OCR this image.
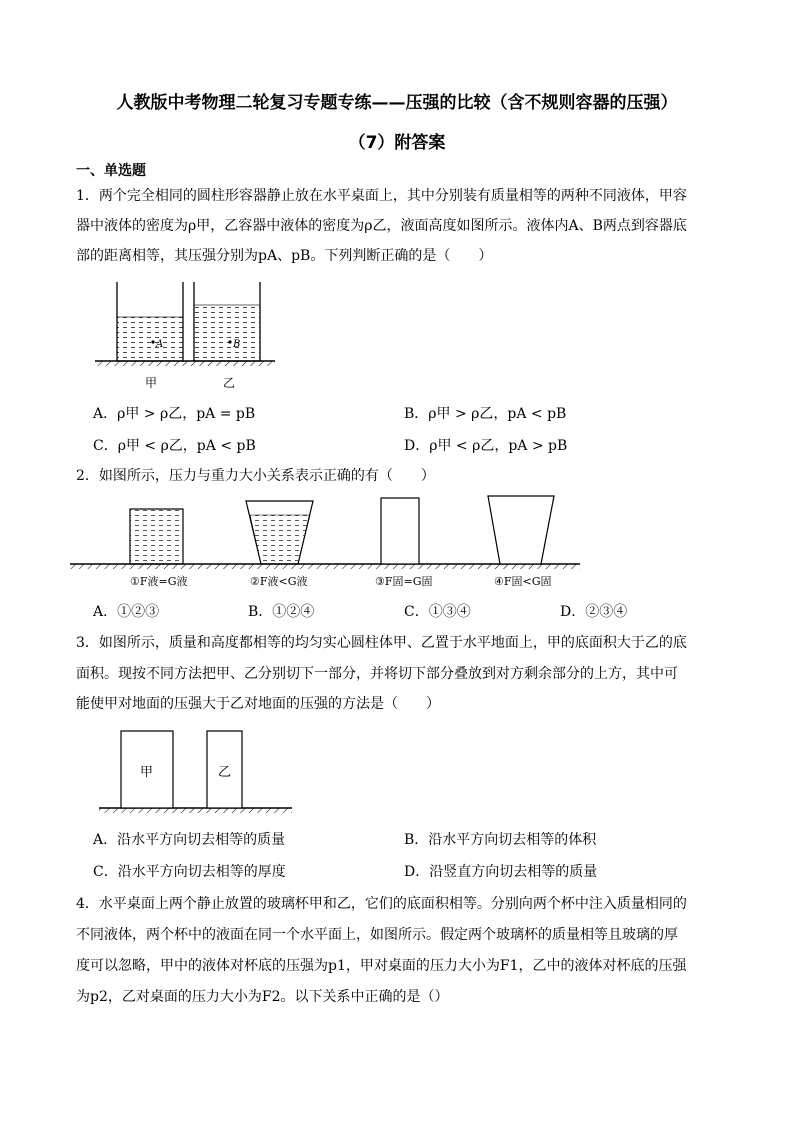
人教版中考物理二轮复习专题专练——压强的比较（含不规则容器的压强）
（7）附答案
一、单选题
1．两个完全相同的圆柱形容器静止放在水平桌面上，其中分别装有质量相等的两种不同液体，甲容
器中液体的密度为ρ甲，乙容器中液体的密度为ρ乙，液面高度如图所示。液体内A、B两点到容器底
部的距离相等，其压强分别为pA、pB。下列判断正确的是（　　）
A	B
甲	乙
A．ρ甲 > ρ乙，pA = pB	B．ρ甲 > ρ乙，pA < pB
C．ρ甲 < ρ乙，pA < pB	D．ρ甲 < ρ乙，pA > pB
2．如图所示，压力与重力大小关系表示正确的有（　　）
①F液=G液	②F液<G液	③F固=G固	④F固<G固
A．①②③	B．①②④	C．①③④	D．②③④
3．如图所示，质量和高度都相等的均匀实心圆柱体甲、乙置于水平地面上，甲的底面积大于乙的底
面积。现按不同方法把甲、乙分别切下一部分，并将切下部分叠放到对方剩余部分的上方，其中可
能使甲对地面的压强大于乙对地面的压强的方法是（　　）
甲	乙
A．沿水平方向切去相等的质量	B．沿水平方向切去相等的体积
C．沿水平方向切去相等的厚度	D．沿竖直方向切去相等的质量
4．水平桌面上两个静止放置的玻璃杯甲和乙，它们的底面积相等。分别向两个杯中注入质量相同的
不同液体，两个杯中的液面在同一个水平面上，如图所示。假定两个玻璃杯的质量相等且玻璃的厚
度可以忽略，甲中的液体对杯底的压强为p1，甲对桌面的压力大小为F1，乙中的液体对杯底的压强
为p2，乙对桌面的压力大小为F2。以下关系中正确的是（）
